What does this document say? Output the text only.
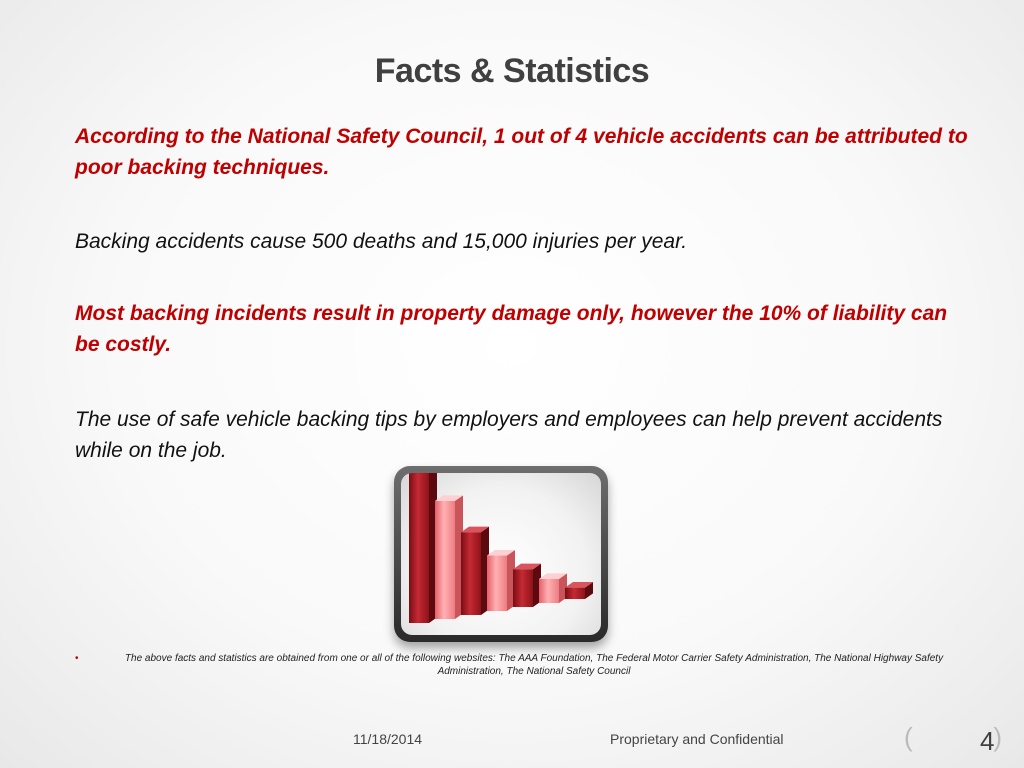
Facts & Statistics

According to the National Safety Council, 1 out of 4 vehicle accidents can be attributed to poor backing techniques.

Backing accidents cause 500 deaths and 15,000 injuries per year.

Most backing incidents result in property damage only, however the 10% of liability can be costly.

The use of safe vehicle backing tips by employers and employees can help prevent accidents while on the job.

•	The above facts and statistics are obtained from one or all of the following websites: The AAA Foundation, The Federal Motor Carrier Safety Administration, The National Highway Safety Administration, The National Safety Council
11/18/2014	Proprietary and Confidential	(	)
4
